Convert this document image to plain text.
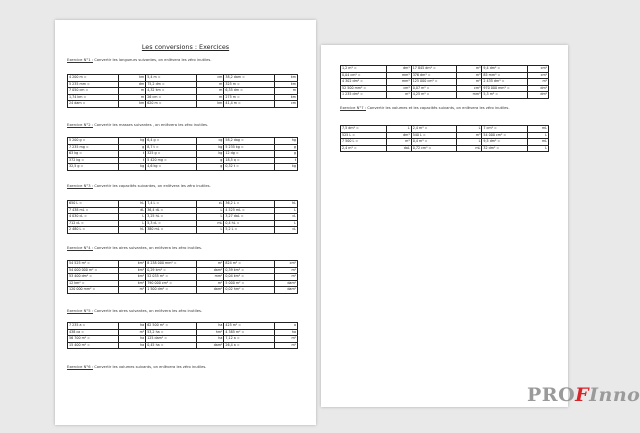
Les conversions : Exercices
Exercice N°1 : Convertir les longueurs suivantes, on enlèvera les zéro inutiles.
4 200 m =	km	5,4 m =	cm	38,2 dam =	km
5 235 mm =	dm	75,2 dm =	m	325 m =	km
7 050 cm =	m	4,32 km =	m	6,35 dm =	m
1,74 km =	m	26 cm =	m	275 m =	km
24 dam =	km	620 m =	km	41,4 m =	cm
Exercice N°2 : Convertir les masses suivantes , on enlèvera les zéro inutiles.
5 200 g =	kg	6,4 g =	cg	58,2 dag =	hg
7 235 mg =	g	8,7 t =	kg	5 235 kg =	g
63 kg =	t	325 g =	kg	12 dg =	g
372 kg =	t	5 420 mg =	g	18,5 q =	t
32,5 g =	kg	4,6 kg =	g	0,32 t =	kg
Exercice N°3 : Convertir les capacités suivantes, on enlèvera les zéro inutiles.
650 L =	hL	7,4 L =	cL	36,2 L =	hL
7 438 mL =	dL	36,4 dL =	L	4 525 mL =	L
4 030 cL =	L	3,25 hL =	L	3,27 daL =	cL
712 cL =	L	5,3 cL =	mL	0,4 hL =	L
2 480 L =	hL	380 mL =	L	5,2 L =	cL
Exercice N°4 : Convertir les aires suivantes, on enlèvera les zéro inutiles.
54 525 m² =	km²	8 238 000 mm² =	m²	824 m² =	cm²
54 000 000 m² =	km²	0,29 km² =	dam²	0,39 km² =	m²
53 400 dm² =	km²	52 035 m² =	mm²	0,04 km² =	m²
12 km² =	km²	790 000 cm² =	m²	5 000 m² =	dam²
120 000 mm² =	m²	1 500 dm² =	dam²	0,02 hm² =	dam²
Exercice N°5 : Convertir les aires suivantes, on enlèvera les zéro inutiles.
7 235 a =	ha	62 500 m² =	ha	425 m² =	a
438 ca =	m²	53,2 ha =	hm²	4 385 m² =	ha
56 700 m² =	ha	125 dam² =	ha	7,12 a =	m²
15 400 m² =	ha	0,45 ha =	dam²	26,4 a =	m²
Exercice N°6 : Convertir les volumes suivants, on enlèvera les zéro inutiles.
1,2 m³ =	dm³	17 845 dm³ =	m³	9,4 dm³ =	cm³
0,04 cm³ =	mm³	376 dm³ =	m³	85 mm³ =	cm³
4 302 dm³ =	mm³	125 000 cm³ =	m³	2 435 dm³ =	m³
52 500 mm³ =	cm³	0,07 m³ =	cm³	970 000 mm³ =	dm³
1 235 dm³ =	m³	4,25 m³ =	mm³	5,3 m³ =	dm³
Exercice N°7 : Convertir les volumes et les capacités suivants, on enlèvera les zéro inutiles.
7,5 dm³ =	L	2,4 m³ =	L	7 cm³ =	mL
525 L =	dm³	540 L =	m³	54 000 cm³ =	L
7 500 L =	m³	0,4 m³ =	L	9,5 dm³ =	mL
2,4 m³ =	daL	0,72 cm³ =	mL	32 dm³ =	L
PROFInno
